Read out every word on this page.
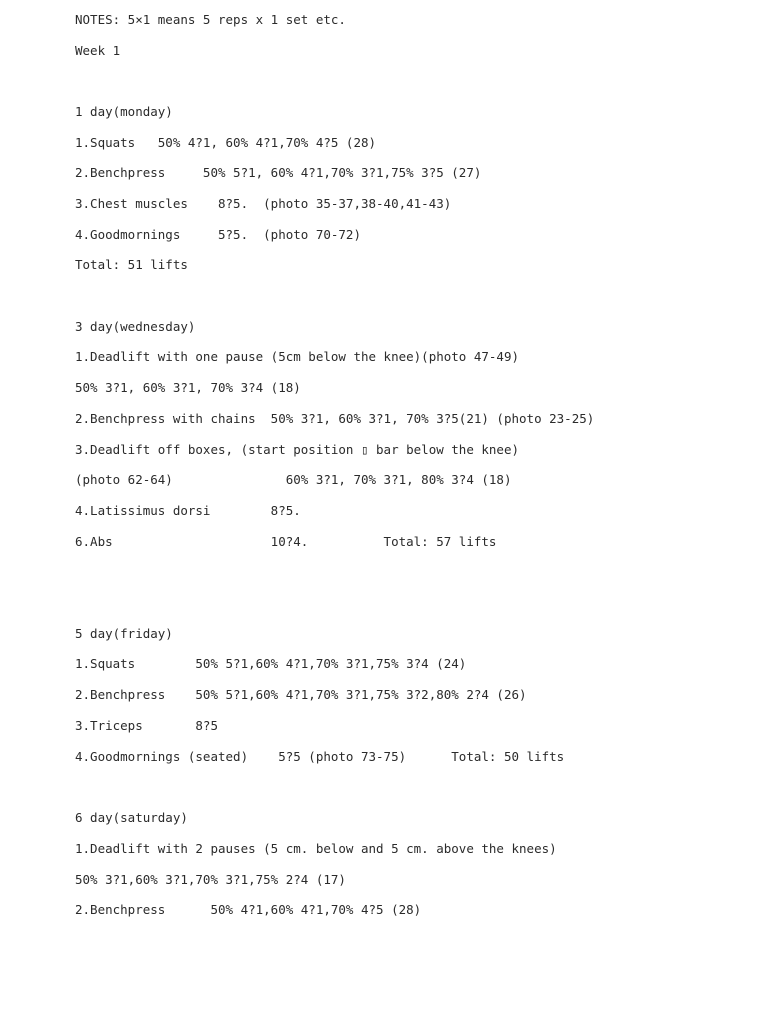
NOTES: 5×1 means 5 reps x 1 set etc.

Week 1

1 day(monday)

1.Squats   50% 4?1, 60% 4?1,70% 4?5 (28)

2.Benchpress     50% 5?1, 60% 4?1,70% 3?1,75% 3?5 (27)

3.Chest muscles    8?5.  (photo 35-37,38-40,41-43)

4.Goodmornings     5?5.  (photo 70-72)

Total: 51 lifts

3 day(wednesday)

1.Deadlift with one pause (5cm below the knee)(photo 47-49)

50% 3?1, 60% 3?1, 70% 3?4 (18)

2.Benchpress with chains  50% 3?1, 60% 3?1, 70% 3?5(21) (photo 23-25)

3.Deadlift off boxes, (start position ▯ bar below the knee)

(photo 62-64)               60% 3?1, 70% 3?1, 80% 3?4 (18)

4.Latissimus dorsi        8?5.

6.Abs                     10?4.          Total: 57 lifts

5 day(friday)

1.Squats        50% 5?1,60% 4?1,70% 3?1,75% 3?4 (24)

2.Benchpress    50% 5?1,60% 4?1,70% 3?1,75% 3?2,80% 2?4 (26)

3.Triceps       8?5

4.Goodmornings (seated)    5?5 (photo 73-75)      Total: 50 lifts

6 day(saturday)

1.Deadlift with 2 pauses (5 cm. below and 5 cm. above the knees)

50% 3?1,60% 3?1,70% 3?1,75% 2?4 (17)

2.Benchpress      50% 4?1,60% 4?1,70% 4?5 (28)
